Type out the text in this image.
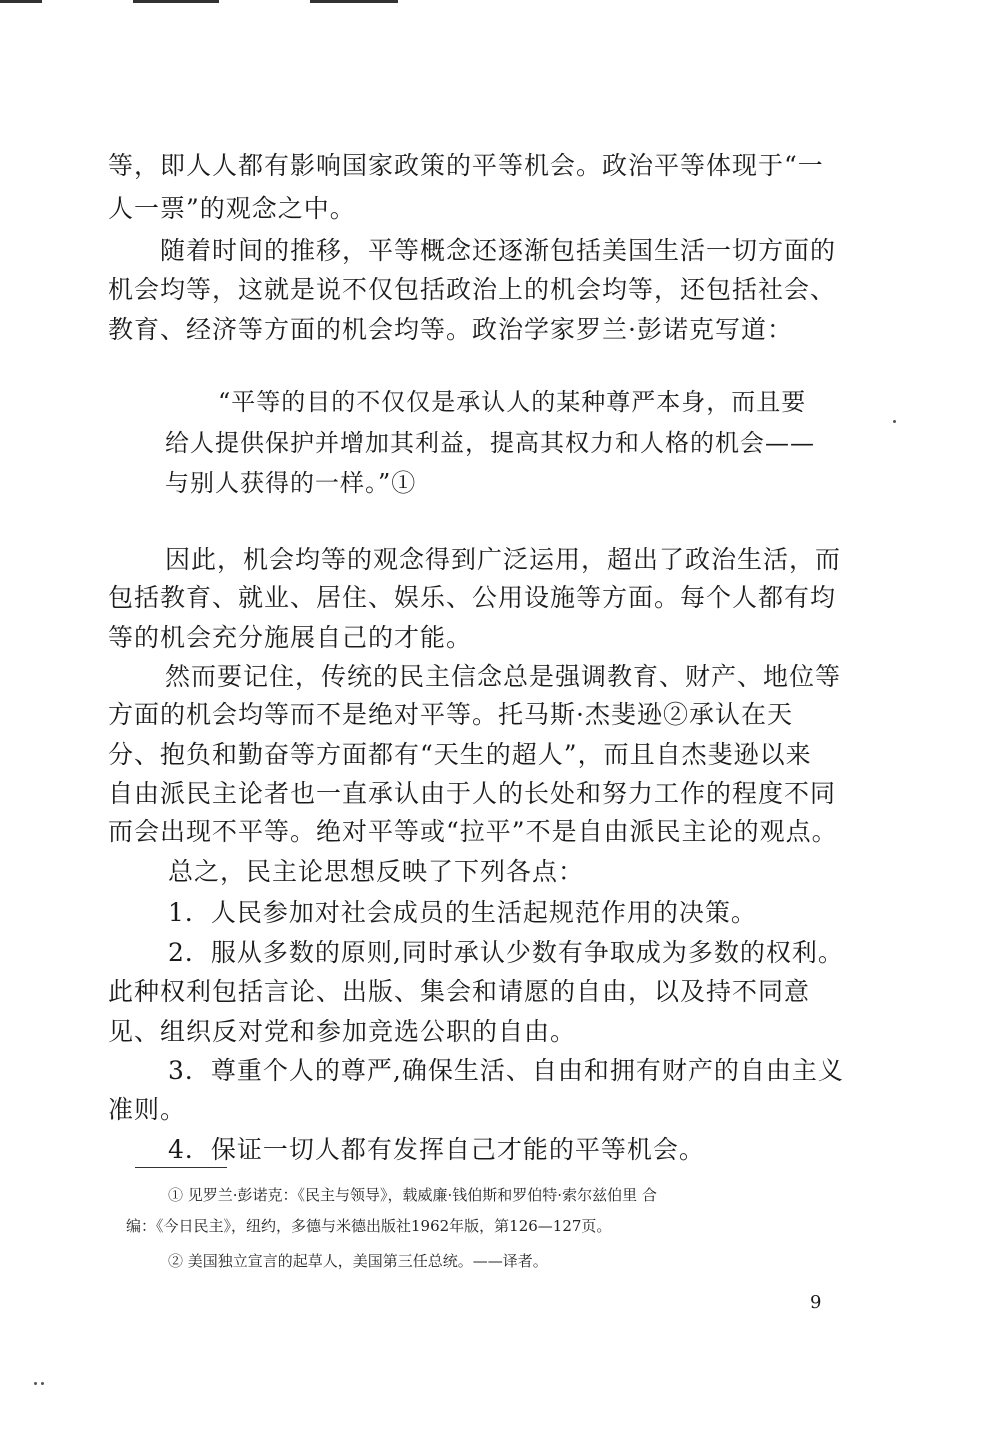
等，即人人都有影响国家政策的平等机会。政治平等体现于“一
人一票”的观念之中。
随着时间的推移，平等概念还逐渐包括美国生活一切方面的
机会均等，这就是说不仅包括政治上的机会均等，还包括社会、
教育、经济等方面的机会均等。政治学家罗兰·彭诺克写道：
“平等的目的不仅仅是承认人的某种尊严本身，而且要
给人提供保护并增加其利益，提高其权力和人格的机会——
与别人获得的一样。”①
因此，机会均等的观念得到广泛运用，超出了政治生活，而
包括教育、就业、居住、娱乐、公用设施等方面。每个人都有均
等的机会充分施展自己的才能。
然而要记住，传统的民主信念总是强调教育、财产、地位等
方面的机会均等而不是绝对平等。托马斯·杰斐逊②承认在天
分、抱负和勤奋等方面都有“天生的超人”，而且自杰斐逊以来
自由派民主论者也一直承认由于人的长处和努力工作的程度不同
而会出现不平等。绝对平等或“拉平”不是自由派民主论的观点。
总之，民主论思想反映了下列各点：
1．人民参加对社会成员的生活起规范作用的决策。
2．服从多数的原则,同时承认少数有争取成为多数的权利。
此种权利包括言论、出版、集会和请愿的自由，以及持不同意
见、组织反对党和参加竞选公职的自由。
3．尊重个人的尊严,确保生活、自由和拥有财产的自由主义
准则。
4．保证一切人都有发挥自己才能的平等机会。
① 见罗兰·彭诺克：《民主与领导》，载威廉·钱伯斯和罗伯特·索尔兹伯里 合
编：《今日民主》，纽约，多德与米德出版社1962年版，第126—127页。
② 美国独立宣言的起草人，美国第三任总统。——译者。
9
